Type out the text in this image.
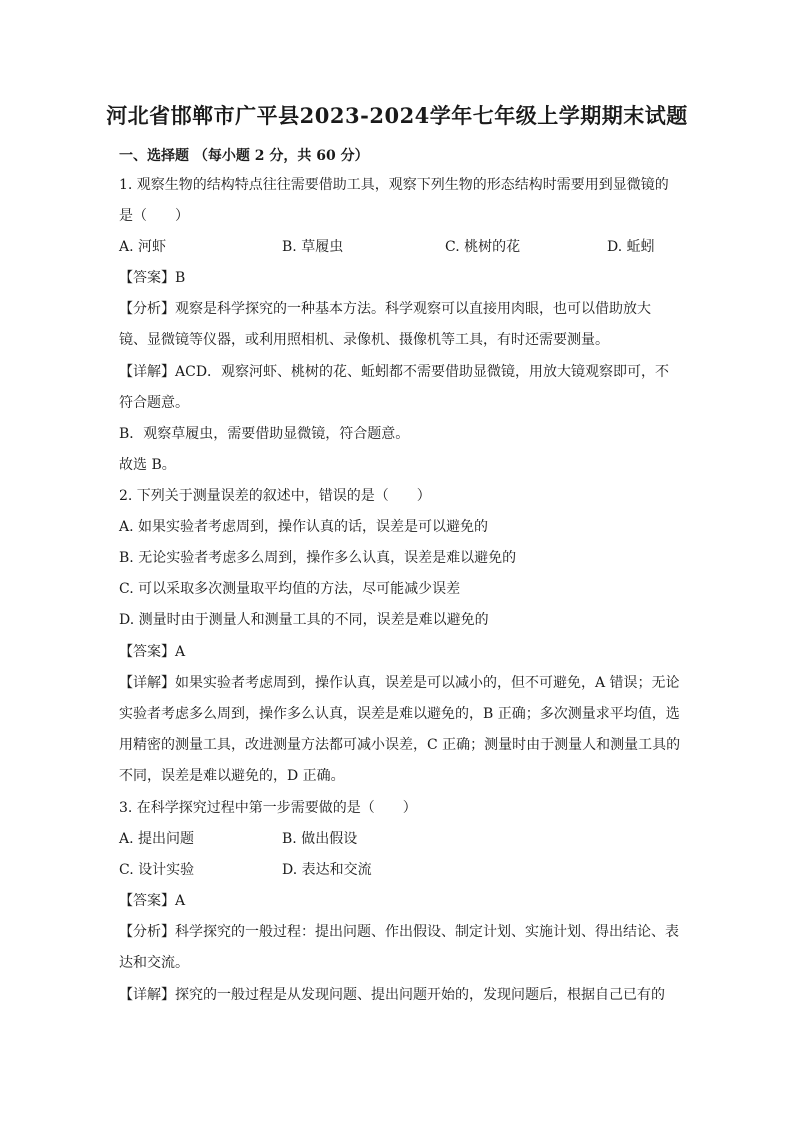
河北省邯郸市广平县2023-2024学年七年级上学期期末试题
一、选择题 （每小题 2 分，共 60 分）
1. 观察生物的结构特点往往需要借助工具，观察下列生物的形态结构时需要用到显微镜的
是（　　）
A. 河虾	B. 草履虫	C. 桃树的花	D. 蚯蚓
【答案】B
【分析】观察是科学探究的一种基本方法。科学观察可以直接用肉眼，也可以借助放大
镜、显微镜等仪器，或利用照相机、录像机、摄像机等工具，有时还需要测量。
【详解】ACD．观察河虾、桃树的花、蚯蚓都不需要借助显微镜，用放大镜观察即可，不
符合题意。
B．观察草履虫，需要借助显微镜，符合题意。
故选 B。
2. 下列关于测量误差的叙述中，错误的是（　　）
A. 如果实验者考虑周到，操作认真的话，误差是可以避免的
B. 无论实验者考虑多么周到，操作多么认真，误差是难以避免的
C. 可以采取多次测量取平均值的方法，尽可能减少误差
D. 测量时由于测量人和测量工具的不同，误差是难以避免的
【答案】A
【详解】如果实验者考虑周到，操作认真，误差是可以减小的，但不可避免，A 错误；无论
实验者考虑多么周到，操作多么认真，误差是难以避免的，B 正确；多次测量求平均值，选
用精密的测量工具，改进测量方法都可减小误差，C 正确；测量时由于测量人和测量工具的
不同，误差是难以避免的，D 正确。
3. 在科学探究过程中第一步需要做的是（　　）
A. 提出问题	B. 做出假设
C. 设计实验	D. 表达和交流
【答案】A
【分析】科学探究的一般过程：提出问题、作出假设、制定计划、实施计划、得出结论、表
达和交流。
【详解】探究的一般过程是从发现问题、提出问题开始的，发现问题后，根据自己已有的
